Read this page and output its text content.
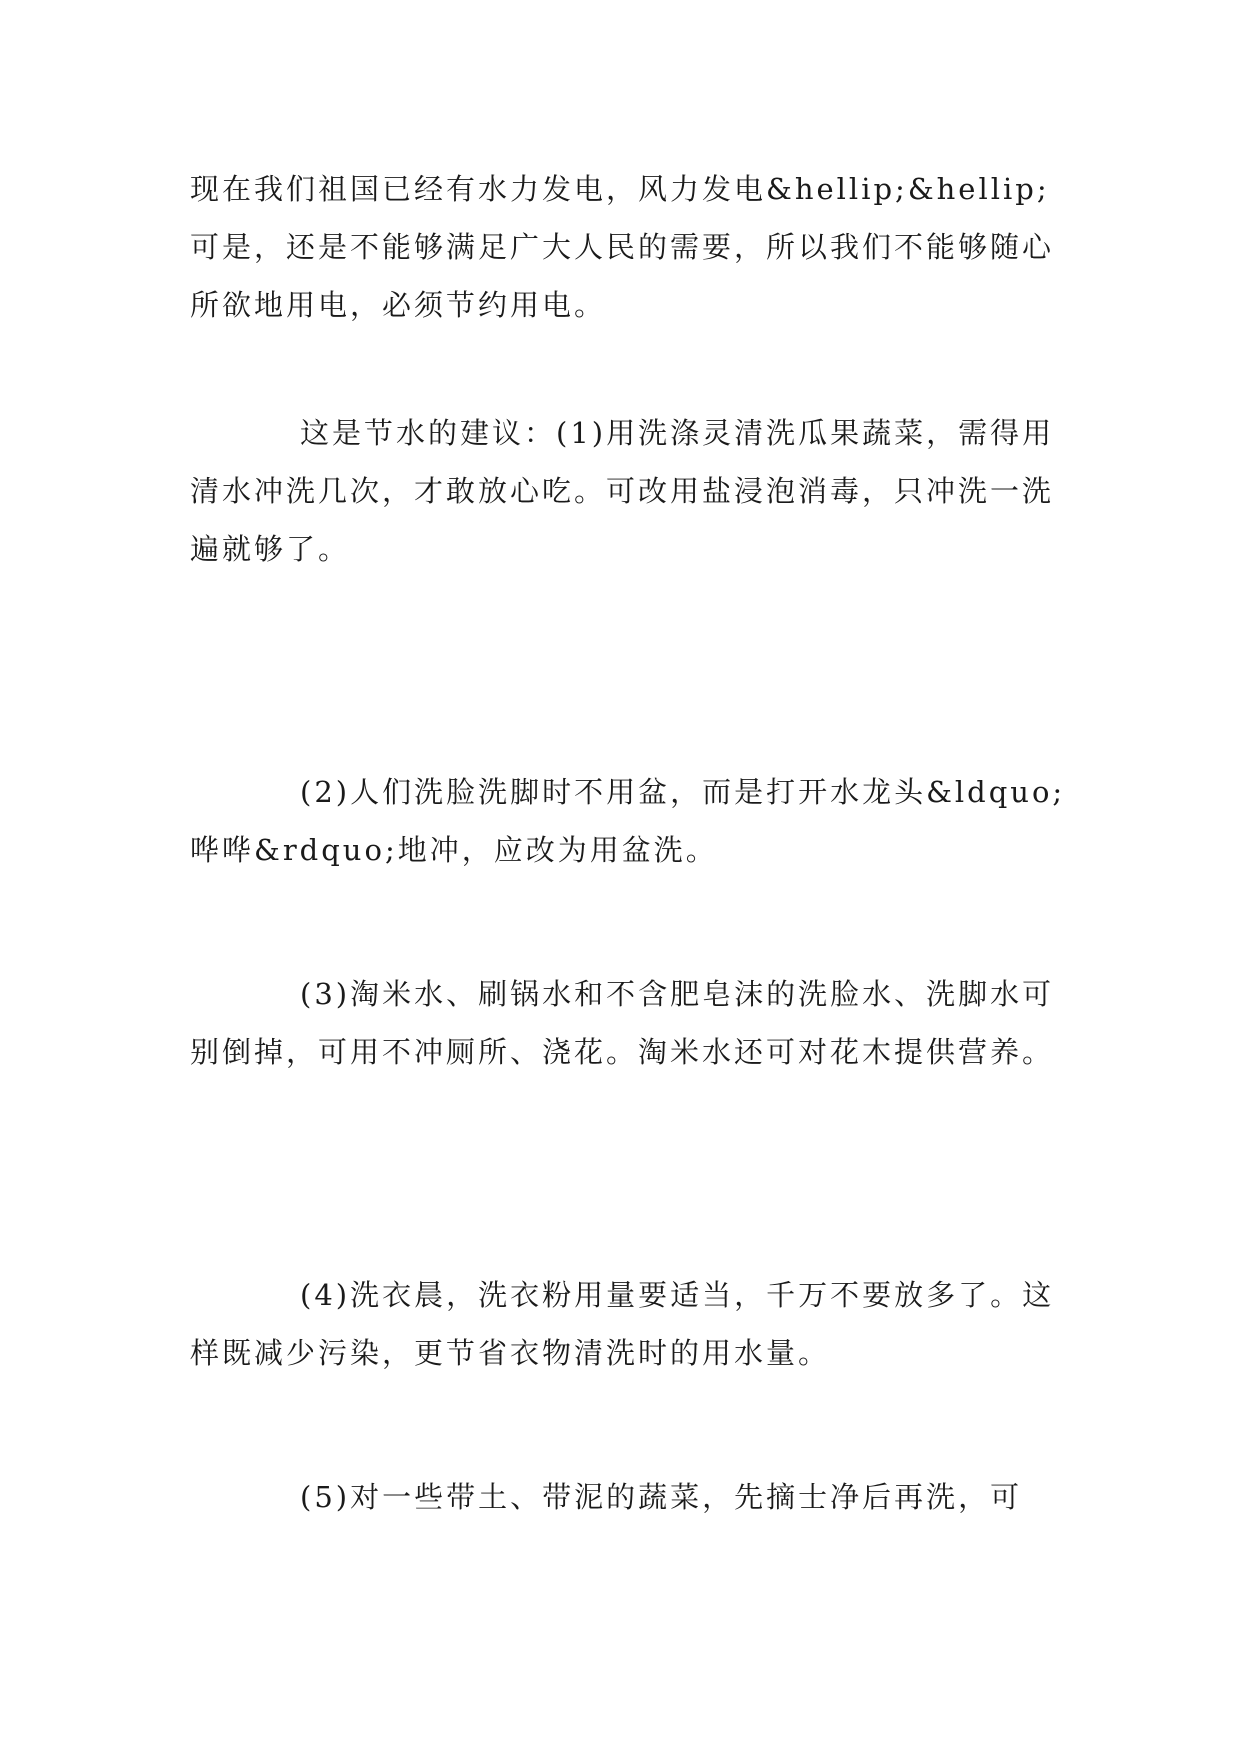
现在我们祖国已经有水力发电，风力发电&hellip;&hellip;可是，还是不能够满足广大人民的需要，所以我们不能够随心所欲地用电，必须节约用电。

这是节水的建议：(1)用洗涤灵清洗瓜果蔬菜，需得用清水冲洗几次，才敢放心吃。可改用盐浸泡消毒，只冲洗一洗遍就够了。

(2)人们洗脸洗脚时不用盆，而是打开水龙头&ldquo;哗哗&rdquo;地冲，应改为用盆洗。

(3)淘米水、刷锅水和不含肥皂沫的洗脸水、洗脚水可别倒掉，可用不冲厕所、浇花。淘米水还可对花木提供营养。

(4)洗衣晨，洗衣粉用量要适当，千万不要放多了。这样既减少污染，更节省衣物清洗时的用水量。

(5)对一些带土、带泥的蔬菜，先摘士净后再洗，可
